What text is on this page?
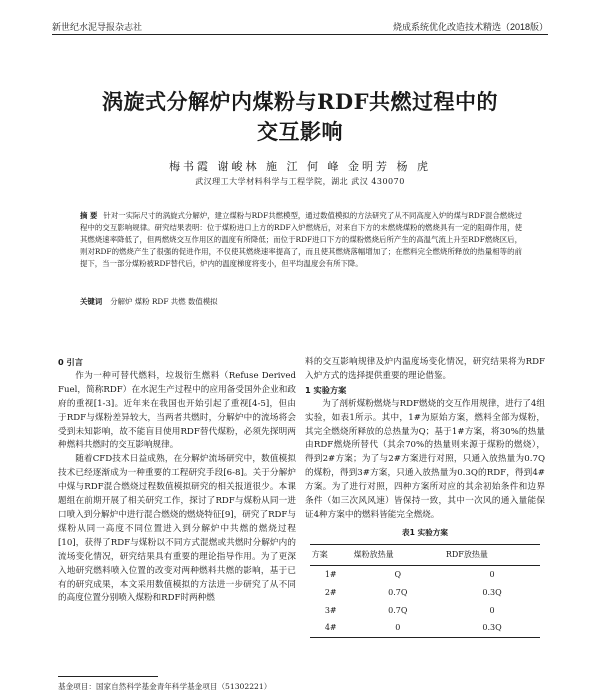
新世纪水泥导报杂志社	烧成系统优化改造技术精选（2018版）
涡旋式分解炉内煤粉与RDF共燃过程中的
交互影响
梅书霞 谢峻林 施 江 何 峰 金明芳 杨 虎
武汉理工大学材料科学与工程学院，湖北 武汉 430070
摘 要 针对一实际尺寸的涡旋式分解炉，建立煤粉与RDF共燃模型，通过数值模拟的方法研究了从不同高度入炉的煤与RDF混合燃烧过程中的交互影响规律。研究结果表明：位于煤粉进口上方的RDF入炉燃烧后，对来自下方的未燃烧煤粉的燃烧具有一定的阻碍作用，使其燃烧速率降低了，但两燃烧交互作用区的温度有所降低；而位于RDF进口下方的煤粉燃烧后所产生的高温气流上升至RDF燃烧区后，则对RDF的燃烧产生了很强的促进作用，不仅使其燃烧速率提高了，而且使其燃烧落幅增加了；在燃料完全燃烧所释放的热量相等的前提下，当一部分煤粉被RDF替代后，炉内的温度梯度将变小，但平均温度会有所下降。
关键词 分解炉 煤粉 RDF 共燃 数值模拟
0 引言

作为一种可替代燃料，垃圾衍生燃料（Refuse Derived Fuel，简称RDF）在水泥生产过程中的应用备受国外企业和政府的重视[1-3]。近年来在我国也开始引起了重视[4-5]，但由于RDF与煤粉差异较大，当两者共燃时，分解炉中的流场将会受到未知影响，故不能盲目使用RDF替代煤粉，必须先探明两种燃料共燃时的交互影响规律。

随着CFD技术日益成熟，在分解炉流场研究中，数值模拟技术已经逐渐成为一种重要的工程研究手段[6-8]。关于分解炉中煤与RDF混合燃烧过程数值模拟研究的相关报道很少。本课题组在前期开展了相关研究工作，探讨了RDF与煤粉从同一进口喷入到分解炉中进行混合燃烧的燃烧特征[9]，研究了RDF与煤粉从同一高度不同位置进入到分解炉中共燃的燃烧过程[10]，获得了RDF与煤粉以不同方式混燃或共燃时分解炉内的流场变化情况，研究结果具有重要的理论指导作用。为了更深入地研究燃料喷入位置的改变对两种燃料共燃的影响，基于已有的研究成果，本文采用数值模拟的方法进一步研究了从不同的高度位置分别喷入煤粉和RDF时两种燃

料的交互影响规律及炉内温度场变化情况，研究结果将为RDF入炉方式的选择提供重要的理论借鉴。

1 实验方案

为了剖析煤粉燃烧与RDF燃烧的交互作用规律，进行了4组实验，如表1所示。其中，1#为原始方案，燃料全部为煤粉，其完全燃烧所释放的总热量为Q；基于1#方案，将30%的热量由RDF燃烧所替代（其余70%的热量则来源于煤粉的燃烧），得到2#方案；为了与2#方案进行对照，只通入放热量为0.7Q的煤粉，得到3#方案，只通入放热量为0.3Q的RDF，得到4#方案。为了进行对照，四种方案所对应的其余初始条件和边界条件（如三次风风速）皆保持一致，其中一次风的通入量能保证4种方案中的燃料皆能完全燃烧。

表1 实验方案
方案	煤粉放热量	RDF放热量
1#	Q	0
2#	0.7Q	0.3Q
3#	0.7Q	0
4#	0	0.3Q
基金项目：国家自然科学基金青年科学基金项目（51302221）
